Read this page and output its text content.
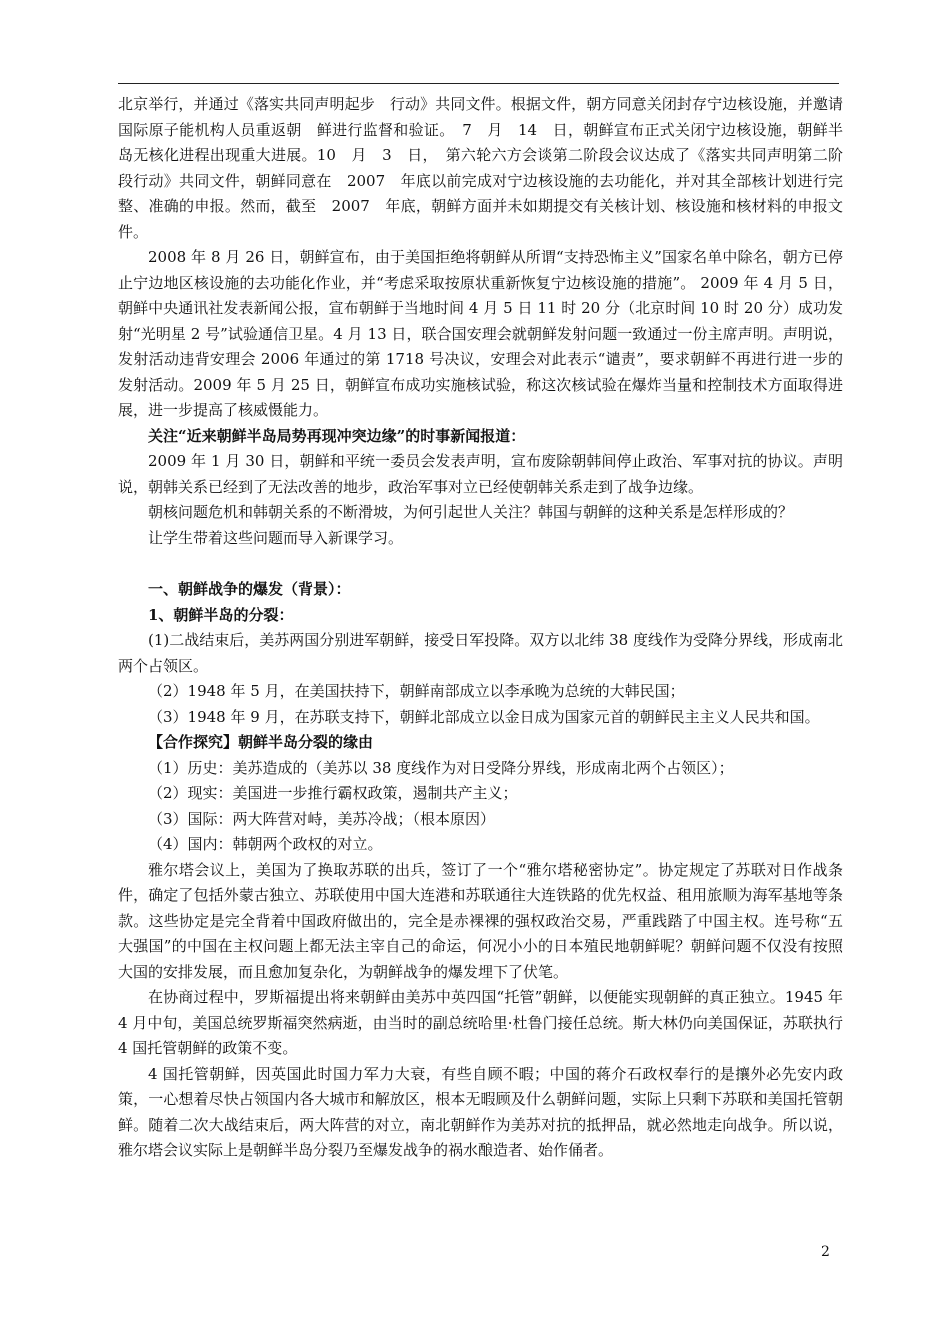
北京举行，并通过《落实共同声明起步　行动》共同文件。根据文件，朝方同意关闭封存宁边核设施，并邀请国际原子能机构人员重返朝　鲜进行监督和验证。　7　月　14　日，朝鲜宣布正式关闭宁边核设施，朝鲜半岛无核化进程出现重大进展。10　月　3　日，　第六轮六方会谈第二阶段会议达成了《落实共同声明第二阶段行动》共同文件，朝鲜同意在　2007　年底以前完成对宁边核设施的去功能化，并对其全部核计划进行完整、准确的申报。然而，截至　2007　年底，朝鲜方面并未如期提交有关核计划、核设施和核材料的申报文件。

2008 年 8 月 26 日，朝鲜宣布，由于美国拒绝将朝鲜从所谓“支持恐怖主义”国家名单中除名，朝方已停止宁边地区核设施的去功能化作业，并“考虑采取按原状重新恢复宁边核设施的措施”。 2009 年 4 月 5 日，朝鲜中央通讯社发表新闻公报，宣布朝鲜于当地时间 4 月 5 日 11 时 20 分（北京时间 10 时 20 分）成功发射“光明星 2 号”试验通信卫星。4 月 13 日，联合国安理会就朝鲜发射问题一致通过一份主席声明。声明说，发射活动违背安理会 2006 年通过的第 1718 号决议，安理会对此表示“谴责”，要求朝鲜不再进行进一步的发射活动。2009 年 5 月 25 日，朝鲜宣布成功实施核试验，称这次核试验在爆炸当量和控制技术方面取得进展，进一步提高了核威慑能力。

关注“近来朝鲜半岛局势再现冲突边缘”的时事新闻报道：

2009 年 1 月 30 日，朝鲜和平统一委员会发表声明，宣布废除朝韩间停止政治、军事对抗的协议。声明说，朝韩关系已经到了无法改善的地步，政治军事对立已经使朝韩关系走到了战争边缘。

朝核问题危机和韩朝关系的不断滑坡，为何引起世人关注？韩国与朝鲜的这种关系是怎样形成的？

让学生带着这些问题而导入新课学习。

一、朝鲜战争的爆发（背景）：

1、朝鲜半岛的分裂：

(1)二战结束后，美苏两国分别进军朝鲜，接受日军投降。双方以北纬 38 度线作为受降分界线，形成南北两个占领区。

（2）1948 年 5 月，在美国扶持下，朝鲜南部成立以李承晚为总统的大韩民国；

（3）1948 年 9 月，在苏联支持下，朝鲜北部成立以金日成为国家元首的朝鲜民主主义人民共和国。

【合作探究】朝鲜半岛分裂的缘由

（1）历史：美苏造成的（美苏以 38 度线作为对日受降分界线，形成南北两个占领区）；

（2）现实：美国进一步推行霸权政策，遏制共产主义；

（3）国际：两大阵营对峙，美苏冷战；（根本原因）

（4）国内：韩朝两个政权的对立。

雅尔塔会议上，美国为了换取苏联的出兵，签订了一个“雅尔塔秘密协定”。协定规定了苏联对日作战条件，确定了包括外蒙古独立、苏联使用中国大连港和苏联通往大连铁路的优先权益、租用旅顺为海军基地等条款。这些协定是完全背着中国政府做出的，完全是赤裸裸的强权政治交易，严重践踏了中国主权。连号称“五大强国”的中国在主权问题上都无法主宰自己的命运，何况小小的日本殖民地朝鲜呢？朝鲜问题不仅没有按照大国的安排发展，而且愈加复杂化，为朝鲜战争的爆发埋下了伏笔。

在协商过程中，罗斯福提出将来朝鲜由美苏中英四国“托管”朝鲜，以便能实现朝鲜的真正独立。1945 年 4 月中旬，美国总统罗斯福突然病逝，由当时的副总统哈里·杜鲁门接任总统。斯大林仍向美国保证，苏联执行 4 国托管朝鲜的政策不变。

4 国托管朝鲜，因英国此时国力军力大衰，有些自顾不暇；中国的蒋介石政权奉行的是攘外必先安内政策，一心想着尽快占领国内各大城市和解放区，根本无暇顾及什么朝鲜问题，实际上只剩下苏联和美国托管朝鲜。随着二次大战结束后，两大阵营的对立，南北朝鲜作为美苏对抗的抵押品，就必然地走向战争。所以说，雅尔塔会议实际上是朝鲜半岛分裂乃至爆发战争的祸水酿造者、始作俑者。

2
